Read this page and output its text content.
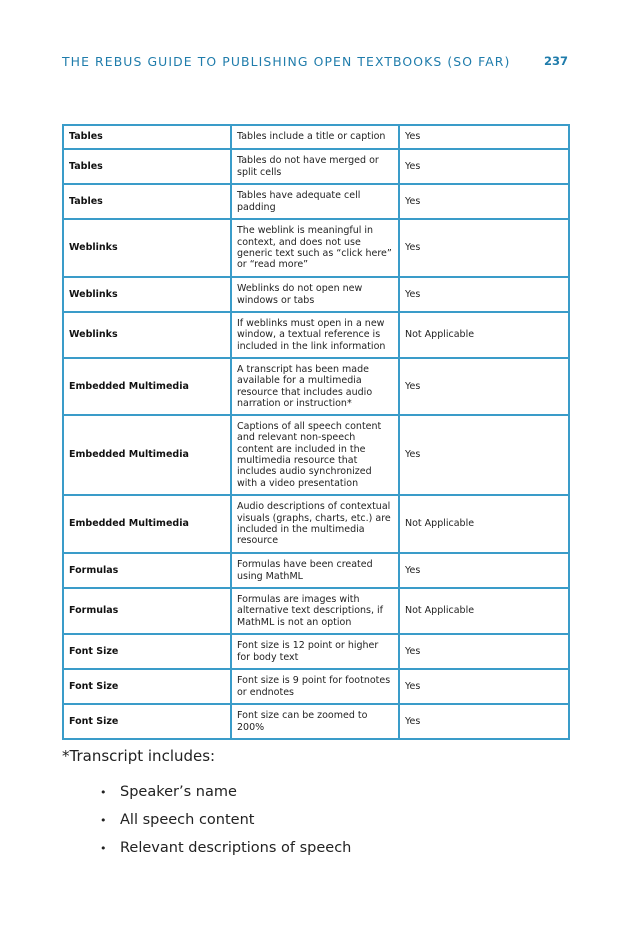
THE REBUS GUIDE TO PUBLISHING OPEN TEXTBOOKS (SO FAR)	237
Tables	Tables include a title or caption	Yes
Tables	Tables do not have merged or split cells	Yes
Tables	Tables have adequate cell padding	Yes
Weblinks	The weblink is meaningful in context, and does not use generic text such as “click here” or “read more”	Yes
Weblinks	Weblinks do not open new windows or tabs	Yes
Weblinks	If weblinks must open in a new window, a textual reference is included in the link information	Not Applicable
Embedded Multimedia	A transcript has been made available for a multimedia resource that includes audio narration or instruction*	Yes
Embedded Multimedia	Captions of all speech content and relevant non-speech content are included in the multimedia resource that includes audio synchronized with a video presentation	Yes
Embedded Multimedia	Audio descriptions of contextual visuals (graphs, charts, etc.) are included in the multimedia resource	Not Applicable
Formulas	Formulas have been created using MathML	Yes
Formulas	Formulas are images with alternative text descriptions, if MathML is not an option	Not Applicable
Font Size	Font size is 12 point or higher for body text	Yes
Font Size	Font size is 9 point for footnotes or endnotes	Yes
Font Size	Font size can be zoomed to 200%	Yes
*Transcript includes:
• Speaker’s name
• All speech content
• Relevant descriptions of speech
